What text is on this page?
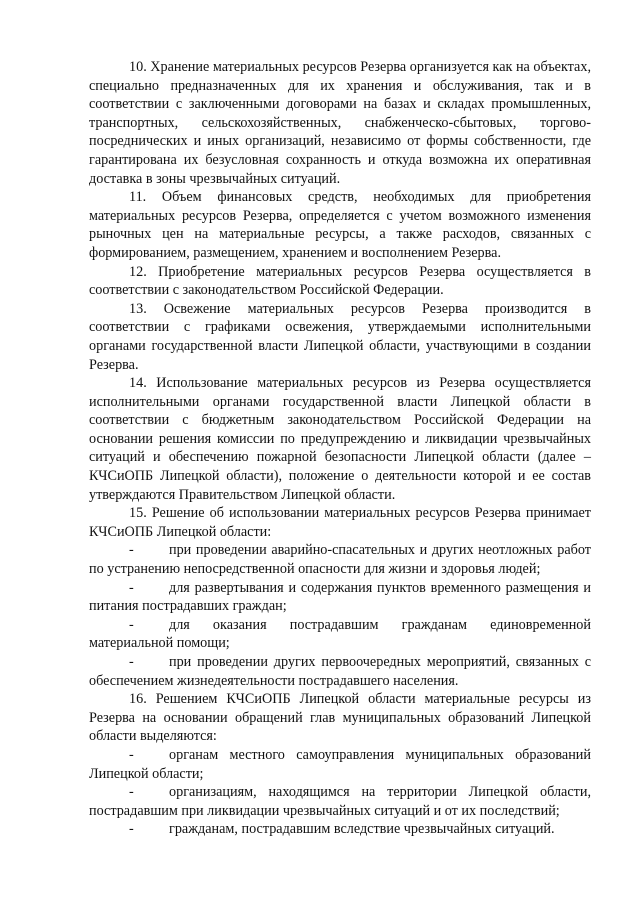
10. Хранение материальных ресурсов Резерва организуется как на объектах, специально предназначенных для их хранения и обслуживания, так и в соответствии с заключенными договорами на базах и складах промышленных, транспортных, сельскохозяйственных, снабженческо-сбытовых, торгово-посреднических и иных организаций, независимо от формы собственности, где гарантирована их безусловная сохранность и откуда возможна их оперативная доставка в зоны чрезвычайных ситуаций.

11. Объем финансовых средств, необходимых для приобретения материальных ресурсов Резерва, определяется с учетом возможного изменения рыночных цен на материальные ресурсы, а также расходов, связанных с формированием, размещением, хранением и восполнением Резерва.

12. Приобретение материальных ресурсов Резерва осуществляется в соответствии с законодательством Российской Федерации.

13. Освежение материальных ресурсов Резерва производится в соответствии с графиками освежения, утверждаемыми исполнительными органами государственной власти Липецкой области, участвующими в создании Резерва.

14. Использование материальных ресурсов из Резерва осуществляется исполнительными органами государственной власти Липецкой области в соответствии с бюджетным законодательством Российской Федерации на основании решения комиссии по предупреждению и ликвидации чрезвычайных ситуаций и обеспечению пожарной безопасности Липецкой области (далее – КЧСиОПБ Липецкой области), положение о деятельности которой и ее состав утверждаются Правительством Липецкой области.

15. Решение об использовании материальных ресурсов Резерва принимает КЧСиОПБ Липецкой области:

- при проведении аварийно-спасательных и других неотложных работ по устранению непосредственной опасности для жизни и здоровья людей;

- для развертывания и содержания пунктов временного размещения и питания пострадавших граждан;

- для оказания пострадавшим гражданам единовременной материальной помощи;

- при проведении других первоочередных мероприятий, связанных с обеспечением жизнедеятельности пострадавшего населения.

16. Решением КЧСиОПБ Липецкой области материальные ресурсы из Резерва на основании обращений глав муниципальных образований Липецкой области выделяются:

- органам местного самоуправления муниципальных образований Липецкой области;

- организациям, находящимся на территории Липецкой области, пострадавшим при ликвидации чрезвычайных ситуаций и от их последствий;

- гражданам, пострадавшим вследствие чрезвычайных ситуаций.
